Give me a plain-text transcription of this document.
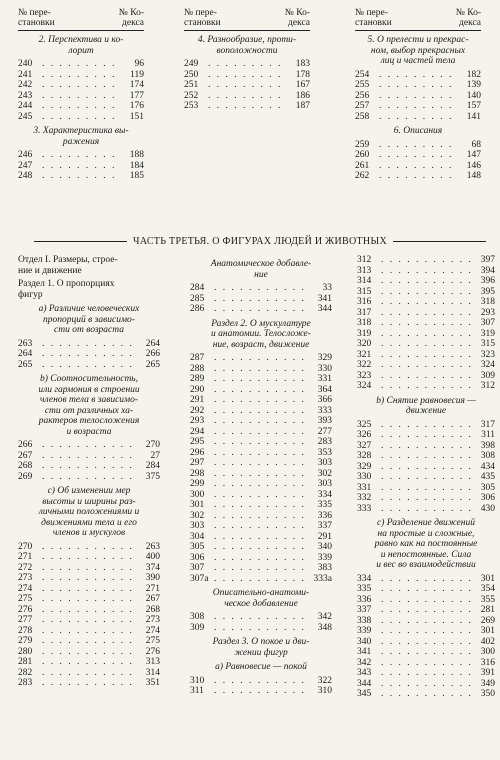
№ пере-
становки
№ Ко-
декса
2. Перспектива и ко-
лорит
240 . . .	96
241 . . .	119
242 . . .	174
243 . . .	177
244 . . .	176
245 . . .	151
3. Характеристика вы-
ражения
246 . . .	188
247 . . .	184
248 . . .	185
№ пере-
становки
№ Ко-
декса
4. Разнообразие, проти-
воположности
249 . . .	183
250 . . .	178
251 . . .	167
252 . . .	186
253 . . .	187
№ пере-
становки
№ Ко-
декса
5. О прелести и прекрас-
ном, выбор прекрасных
лиц и частей тела
254 . . .	182
255 . . .	139
256 . . .	140
257 . . .	157
258 . . .	141
6. Описания
259 . . .	68
260 . . .	147
261 . . .	146
262 . . .	148
ЧАСТЬ ТРЕТЬЯ. О ФИГУРАХ ЛЮДЕЙ И ЖИВОТНЫХ
Отдел I. Размеры, строе-
ние и движение
Раздел 1. О пропорциях
фигур
a) Различие человеческих
пропорций в зависимо-
сти от возраста
263 . . .	264
264 . . .	266
265 . . .	265
b) Соотносительность,
или гармония в строении
членов тела в зависимо-
сти от различных ха-
рактеров телосложения
и возраста
266 . . .	270
267 . . .	27
268 . . .	284
269 . . .	375
c) Об изменении мер
высоты и ширины раз-
личными положениями и
движениями тела и его
членов и мускулов
270 . . .	263
271 . . .	400
272 . . .	374
273 . . .	390
274 . . .	271
275 . . .	267
276 . . .	268
277 . . .	273
278 . . .	274
279 . . .	275
280 . . .	276
281 . . .	313
282 . . .	314
283 . . .	351
Анатомическое добавле-
ние
284 . . .	33
285 . . .	341
286 . . .	344
Раздел 2. О мускулатуре
и анатомии. Телосложе-
ние, возраст, движение
287 . . .	329
288 . . .	330
289 . . .	331
290 . . .	364
291 . . .	366
292 . . .	333
293 . . .	393
294 . . .	277
295 . . .	283
296 . . .	353
297 . . .	303
298 . . .	302
299 . . .	303
300 . . .	334
301 . . .	335
302 . . .	336
303 . . .	337
304 . . .	291
305 . . .	340
306 . . .	339
307 . . .	383
307a . . .	333a
Описательно-анатоми-
ческое добавление
308 . . .	342
309 . . .	348
Раздел 3. О покое и дви-
жении фигур
a) Равновесие — покой
310 . . .	322
311 . . .	310
312 . . .	397
313 . . .	394
314 . . .	396
315 . . .	395
316 . . .	318
317 . . .	293
318 . . .	307
319 . . .	319
320 . . .	315
321 . . .	323
322 . . .	324
323 . . .	309
324 . . .	312
b) Снятие равновесия —
движение
325 . . .	317
326 . . .	311
327 . . .	398
328 . . .	308
329 . . .	434
330 . . .	435
331 . . .	305
332 . . .	306
333 . . .	430
c) Разделение движений
на простые и сложные,
равно как на постоянные
и непостоянные. Сила
и вес во взаимодействии
334 . . .	301
335 . . .	354
336 . . .	355
337 . . .	281
338 . . .	269
339 . . .	301
340 . . .	402
341 . . .	300
342 . . .	316
343 . . .	391
344 . . .	349
345 . . .	350
